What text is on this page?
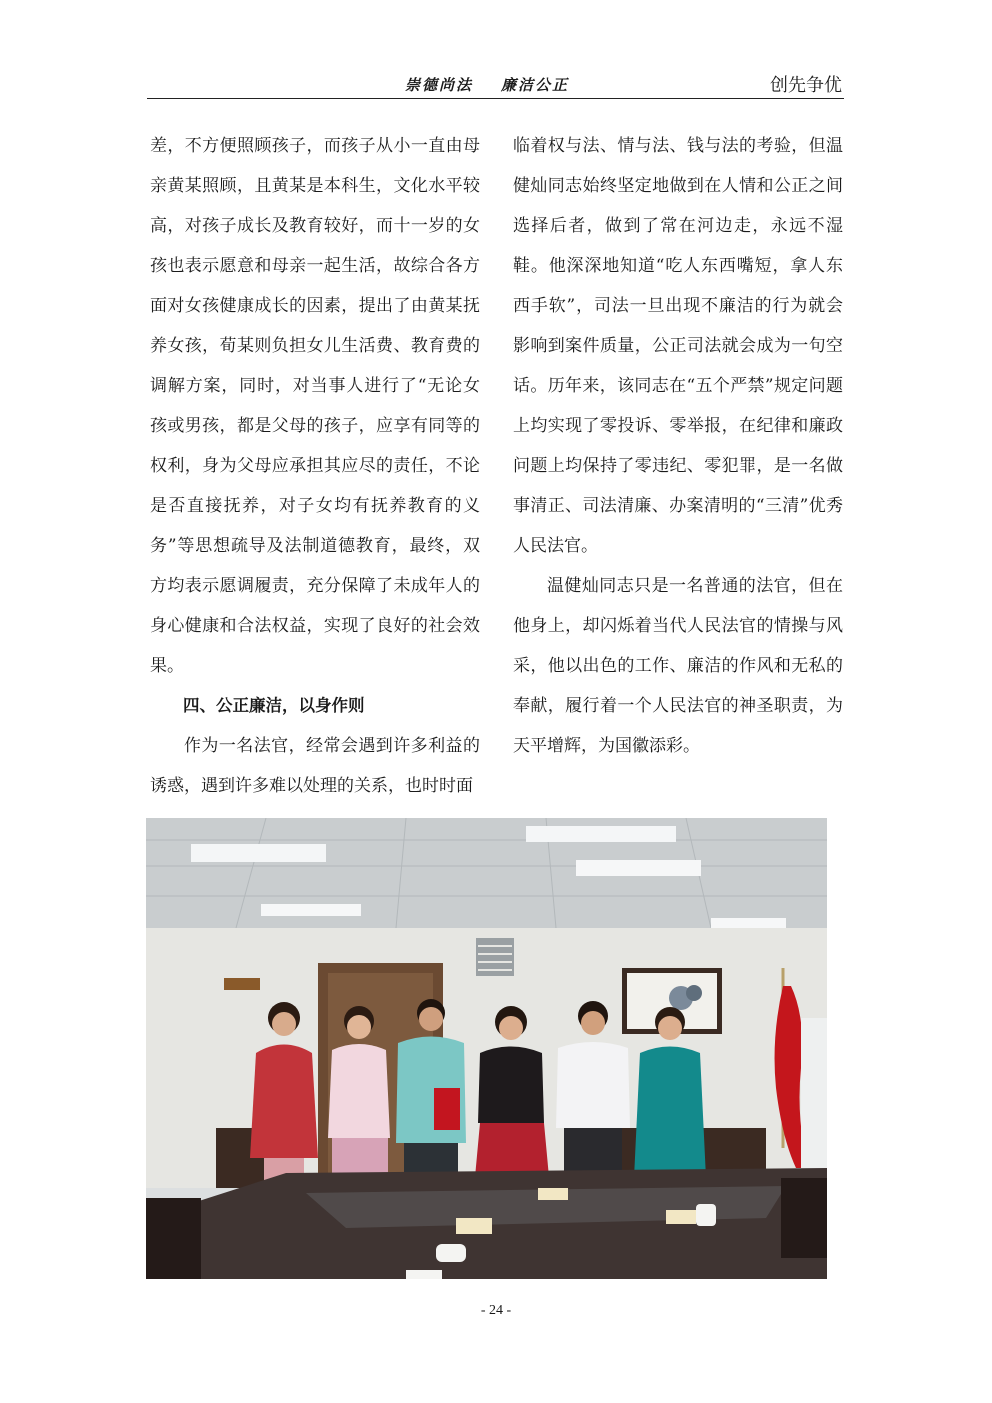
崇德尚法 廉洁公正	创先争优

差，不方便照顾孩子，而孩子从小一直由母亲黄某照顾，且黄某是本科生，文化水平较高，对孩子成长及教育较好，而十一岁的女孩也表示愿意和母亲一起生活，故综合各方面对女孩健康成长的因素，提出了由黄某抚养女孩，荀某则负担女儿生活费、教育费的调解方案，同时，对当事人进行了“无论女孩或男孩，都是父母的孩子，应享有同等的权利，身为父母应承担其应尽的责任，不论是否直接抚养，对子女均有抚养教育的义务”等思想疏导及法制道德教育，最终，双方均表示愿调履责，充分保障了未成年人的身心健康和合法权益，实现了良好的社会效果。

四、公正廉洁，以身作则

作为一名法官，经常会遇到许多利益的诱惑，遇到许多难以处理的关系，也时时面

临着权与法、情与法、钱与法的考验，但温健灿同志始终坚定地做到在人情和公正之间选择后者，做到了常在河边走，永远不湿鞋。他深深地知道“吃人东西嘴短，拿人东西手软”，司法一旦出现不廉洁的行为就会影响到案件质量，公正司法就会成为一句空话。历年来，该同志在“五个严禁”规定问题上均实现了零投诉、零举报，在纪律和廉政问题上均保持了零违纪、零犯罪，是一名做事清正、司法清廉、办案清明的“三清”优秀人民法官。

温健灿同志只是一名普通的法官，但在他身上，却闪烁着当代人民法官的情操与风采，他以出色的工作、廉洁的作风和无私的奉献，履行着一个人民法官的神圣职责，为天平增辉，为国徽添彩。

- 24 -
